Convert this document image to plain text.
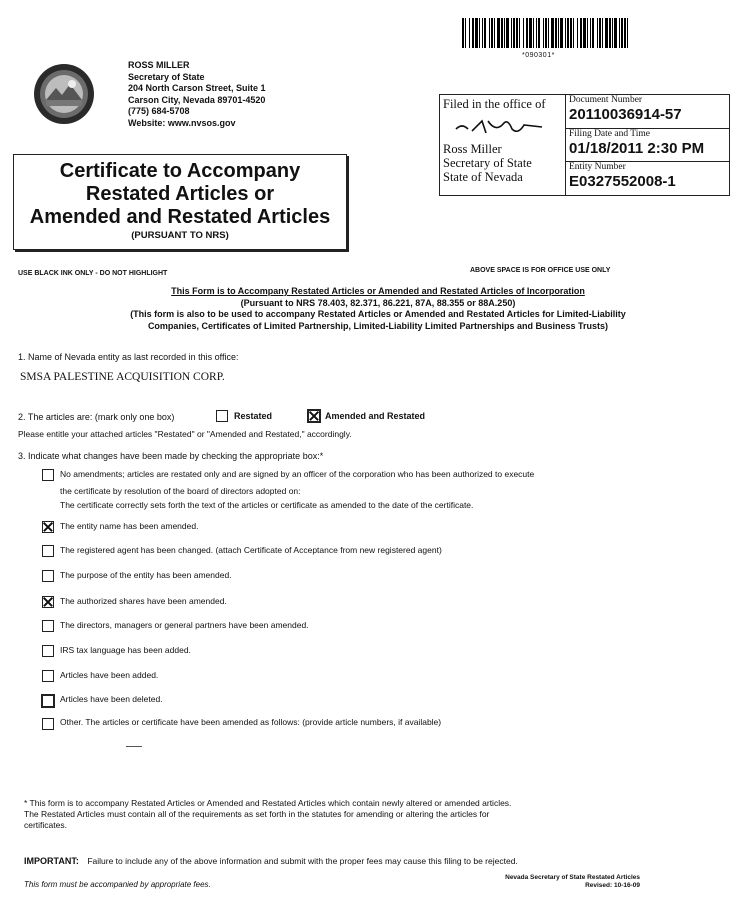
*090301*
ROSS MILLER
Secretary of State
204 North Carson Street, Suite 1
Carson City, Nevada 89701-4520
(775) 684-5708
Website: www.nvsos.gov
Filed in the office of
Ross Miller
Secretary of State
State of Nevada
Document Number
20110036914-57
Filing Date and Time
01/18/2011 2:30 PM
Entity Number
E0327552008-1
Certificate to Accompany
Restated Articles or
Amended and Restated Articles
(PURSUANT TO NRS)
USE BLACK INK ONLY - DO NOT HIGHLIGHT	ABOVE SPACE IS FOR OFFICE USE ONLY
This Form is to Accompany Restated Articles or Amended and Restated Articles of Incorporation
(Pursuant to NRS 78.403, 82.371, 86.221, 87A, 88.355 or 88A.250)
(This form is also to be used to accompany Restated Articles or Amended and Restated Articles for Limited-Liability
Companies, Certificates of Limited Partnership, Limited-Liability Limited Partnerships and Business Trusts)
1. Name of Nevada entity as last recorded in this office:
SMSA PALESTINE ACQUISITION CORP.
2. The articles are: (mark only one box)	Restated	Amended and Restated
Please entitle your attached articles "Restated" or "Amended and Restated," accordingly.
3. Indicate what changes have been made by checking the appropriate box:*
No amendments; articles are restated only and are signed by an officer of the corporation who has been authorized to execute
the certificate by resolution of the board of directors adopted on:
The certificate correctly sets forth the text of the articles or certificate as amended to the date of the certificate.
The entity name has been amended.
The registered agent has been changed. (attach Certificate of Acceptance from new registered agent)
The purpose of the entity has been amended.
The authorized shares have been amended.
The directors, managers or general partners have been amended.
IRS tax language has been added.
Articles have been added.
Articles have been deleted.
Other. The articles or certificate have been amended as follows: (provide article numbers, if available)
* This form is to accompany Restated Articles or Amended and Restated Articles which contain newly altered or amended articles.
The Restated Articles must contain all of the requirements as set forth in the statutes for amending or altering the articles for
certificates.
IMPORTANT: Failure to include any of the above information and submit with the proper fees may cause this filing to be rejected.
This form must be accompanied by appropriate fees.
Nevada Secretary of State Restated Articles
Revised: 10-16-09
